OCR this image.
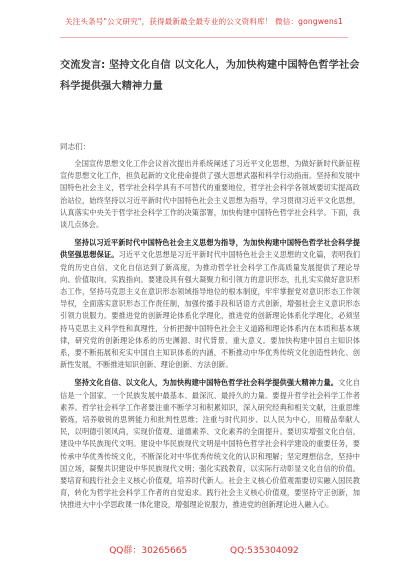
关注头条号"公文研究"，获得最新最全最专业的公文资料库！ 微信：gongwens1
交流发言: 坚持文化自信 以文化人，为加快构建中国特色哲学社会科学提供强大精神力量
同志们：

全国宣传思想文化工作会议首次提出并系统阐述了习近平文化思想，为做好新时代新征程宣传思想文化工作，担负起新的文化使命提供了强大思想武器和科学行动指南。坚持和发展中国特色社会主义，哲学社会科学具有不可替代的重要地位，哲学社会科学各领域要切实提高政治站位，始终坚持以习近平新时代中国特色社会主义思想为指导，学习贯彻习近平文化思想，认真落实中央关于哲学社会科学工作的决策部署，加快构建中国特色哲学社会科学。下面，我谈几点体会。

坚持以习近平新时代中国特色社会主义思想为指导，为加快构建中国特色哲学社会科学提供坚强思想保证。习近平文化思想是习近平新时代中国特色社会主义思想的文化篇，表明我们党的历史自信、文化自信达到了新高度，为推动哲学社会科学工作高质量发展提供了理论导向、价值取向、实践指向。要建设具有强大凝聚力和引领力的意识形态，扎扎实实做好意识形态工作，坚持马克思主义在意识形态领域指导地位的根本制度，牢牢掌握党对意识形态工作领导权，全面落实意识形态工作责任制，加强传播手段和话语方式创新，增强社会主义意识形态引领力说服力。要推进党的创新理论体系化学理化，推进党的创新理论体系化学理化，必须坚持马克思主义科学性和真理性，分析把握中国特色社会主义道路和理论体系内在本质和基本规律，研究党的创新理论体系的历史渊源、时代背景、重大意义。要加快构建中国自主知识体系，要不断拓展和充实中国自主知识体系的内涵，不断推动中华优秀传统文化创造性转化、创新性发展，不断推进知识创新、理论创新、方法创新。

坚持文化自信、以文化人，为加快构建中国特色哲学社会科学提供强大精神力量。文化自信是一个国家、一个民族发展中最基本、最深沉、最持久的力量。要提升哲学社会科学工作者素养。哲学社会科学工作者要注重不断学习和积累知识，深入研究经典和相关文献，注重思维锻炼，培养敏锐的思辨能力和批判性思维；注重与时代同步、以人民为中心，用精品奉献人民，以明德引领风尚，实现价值观、道德素养、文化素养的全面提升。要切实增强文化自信，建设中华民族现代文明。建设中华民族现代文明是中国特色哲学社会科学建设的重要任务，要传承中华优秀传统文化，不断深化对中华优秀传统文化的认识和理解；坚定理想信念，坚持中国立场，凝聚共识建设中华民族现代文明；强化实践教育，以实际行动彰显文化自信的价值。要培育和践行社会主义核心价值观，培养时代新人。社会主义核心价值观需要切实融入国民教育，转化为哲学社会科学工作者的自觉追求。践行社会主义核心价值观，要坚持守正创新，加快推进大中小学思政课一体化建设，增强理论说服力，推进党的创新理论进入融入心。

QQ群：30265665	QQ:535304092
